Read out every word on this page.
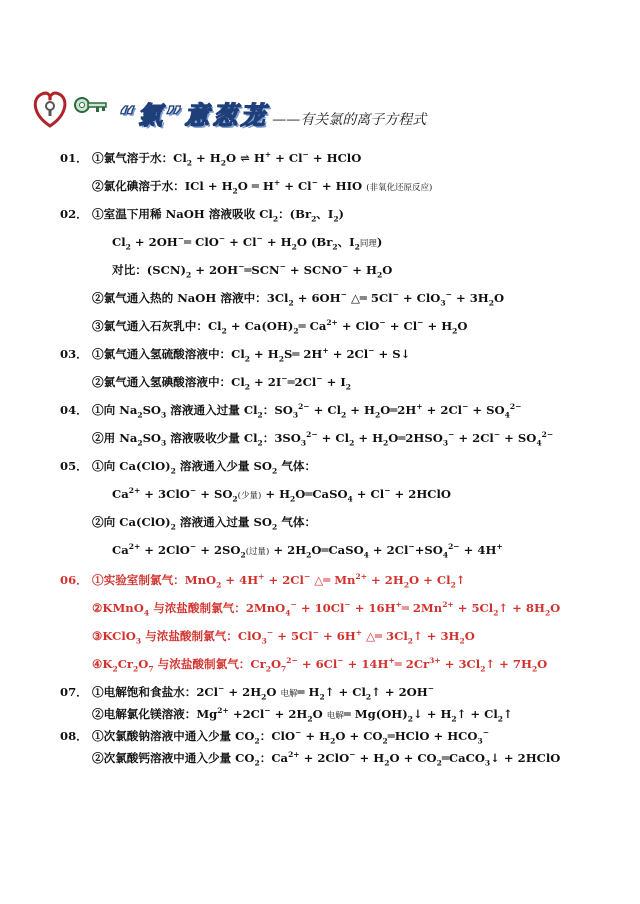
“氯”意葱茏 ——有关氯的离子方程式
01． ①氯气溶于水：$Cl_2 + H_2O$ ⇌ H+ + Cl− + HClO
②氯化碘溶于水：ICl + $H_2O$ ═ H+ + Cl− + HIO (非氧化还原反应)
02． ①室温下用稀 NaOH 溶液吸收 $Cl_2$：($Br_2$、$I_2$)
$Cl_2$ + 2OH−═ $ClO^- + Cl^- + H_2O$ ($Br_2$、$I_2$同理)
对比：$(SCN)_2$ + 2OH−═SCN− + SCNO− + $H_2O$
②氯气通入热的 NaOH 溶液中：$3Cl_2 + 6OH^-$ △═ $5Cl^- + ClO_3^- + 3H_2O$
③氯气通入石灰乳中：$Cl_2$ + $Ca(OH)_2═$ $Ca^{2+} + ClO^- + Cl^- + H_2O$
03． ①氯气通入氢硫酸溶液中：$Cl_2$ + $H_2S═$ 2H+ + 2Cl− + S↓
②氯气通入氢碘酸溶液中：$Cl_2$ + 2I−═2Cl− + $I_2$
04． ①向 $Na_2SO_3$ 溶液通入过量 $Cl_2$：$SO_3^{2-} + Cl_2$ + $H_2O═2H^+ + 2Cl^- + SO_4^{2-}$
②用 $Na_2SO_3$ 溶液吸收少量 $Cl_2$：$3SO_3^{2-} + Cl_2$ + $H_2O═2HSO_3^- + 2Cl^- + SO_4^{2-}$
05． ①向 $Ca(ClO)_2$ 溶液通入少量 $SO_2$ 气体：
$Ca^{2+} + 3ClO^- + SO_2$(少量) + $H_2O═CaSO_4 + Cl^-$ + 2HClO
②向 $Ca(ClO)_2$ 溶液通入过量 $SO_2$ 气体：
$Ca^{2+} + 2ClO^- + 2SO_2$(过量) + $2H_2O═CaSO_4 + 2Cl^-+SO_4^{2-} + 4H^+$
06． ①实验室制氯气：MnO$_2$ + 4H+ + 2Cl− △═ $Mn^{2+} + 2H_2O$ + $Cl_2↑$
②KMnO$_4$ 与浓盐酸制氯气：2MnO$_4$− + 10Cl− + 16H+═ $2Mn^{2+}$ + $5Cl_2↑ + 8H_2O$
③KClO$_3$ 与浓盐酸制氯气：ClO$_3$− + 5Cl− + 6H+ △═ $3Cl_2↑ + 3H_2O$
$④K_2Cr_2O_7$ 与浓盐酸制氯气：$Cr_2O_7^{2-} + 6Cl^-$ + 14H+═ $2Cr^{3+}$ + $3Cl_2↑ + 7H_2O$
07． ①电解饱和食盐水：$2Cl^- + 2H_2O$ 电解═ $H_2↑$ + $Cl_2↑ + 2OH^-$
②电解氯化镁溶液：$Mg^{2+} +2Cl^- + 2H_2O$ 电解═ $Mg(OH)_2↓$ + $H_2↑$ + $Cl_2↑$
08． ①次氯酸钠溶液中通入少量 $CO_2$：$ClO^- + H_2O$ + $CO_2═HClO + HCO_3^-$
②次氯酸钙溶液中通入少量 $CO_2$：$Ca^{2+} + 2ClO^- + H_2O$ + $CO_2═CaCO_3↓$ + 2HClO
